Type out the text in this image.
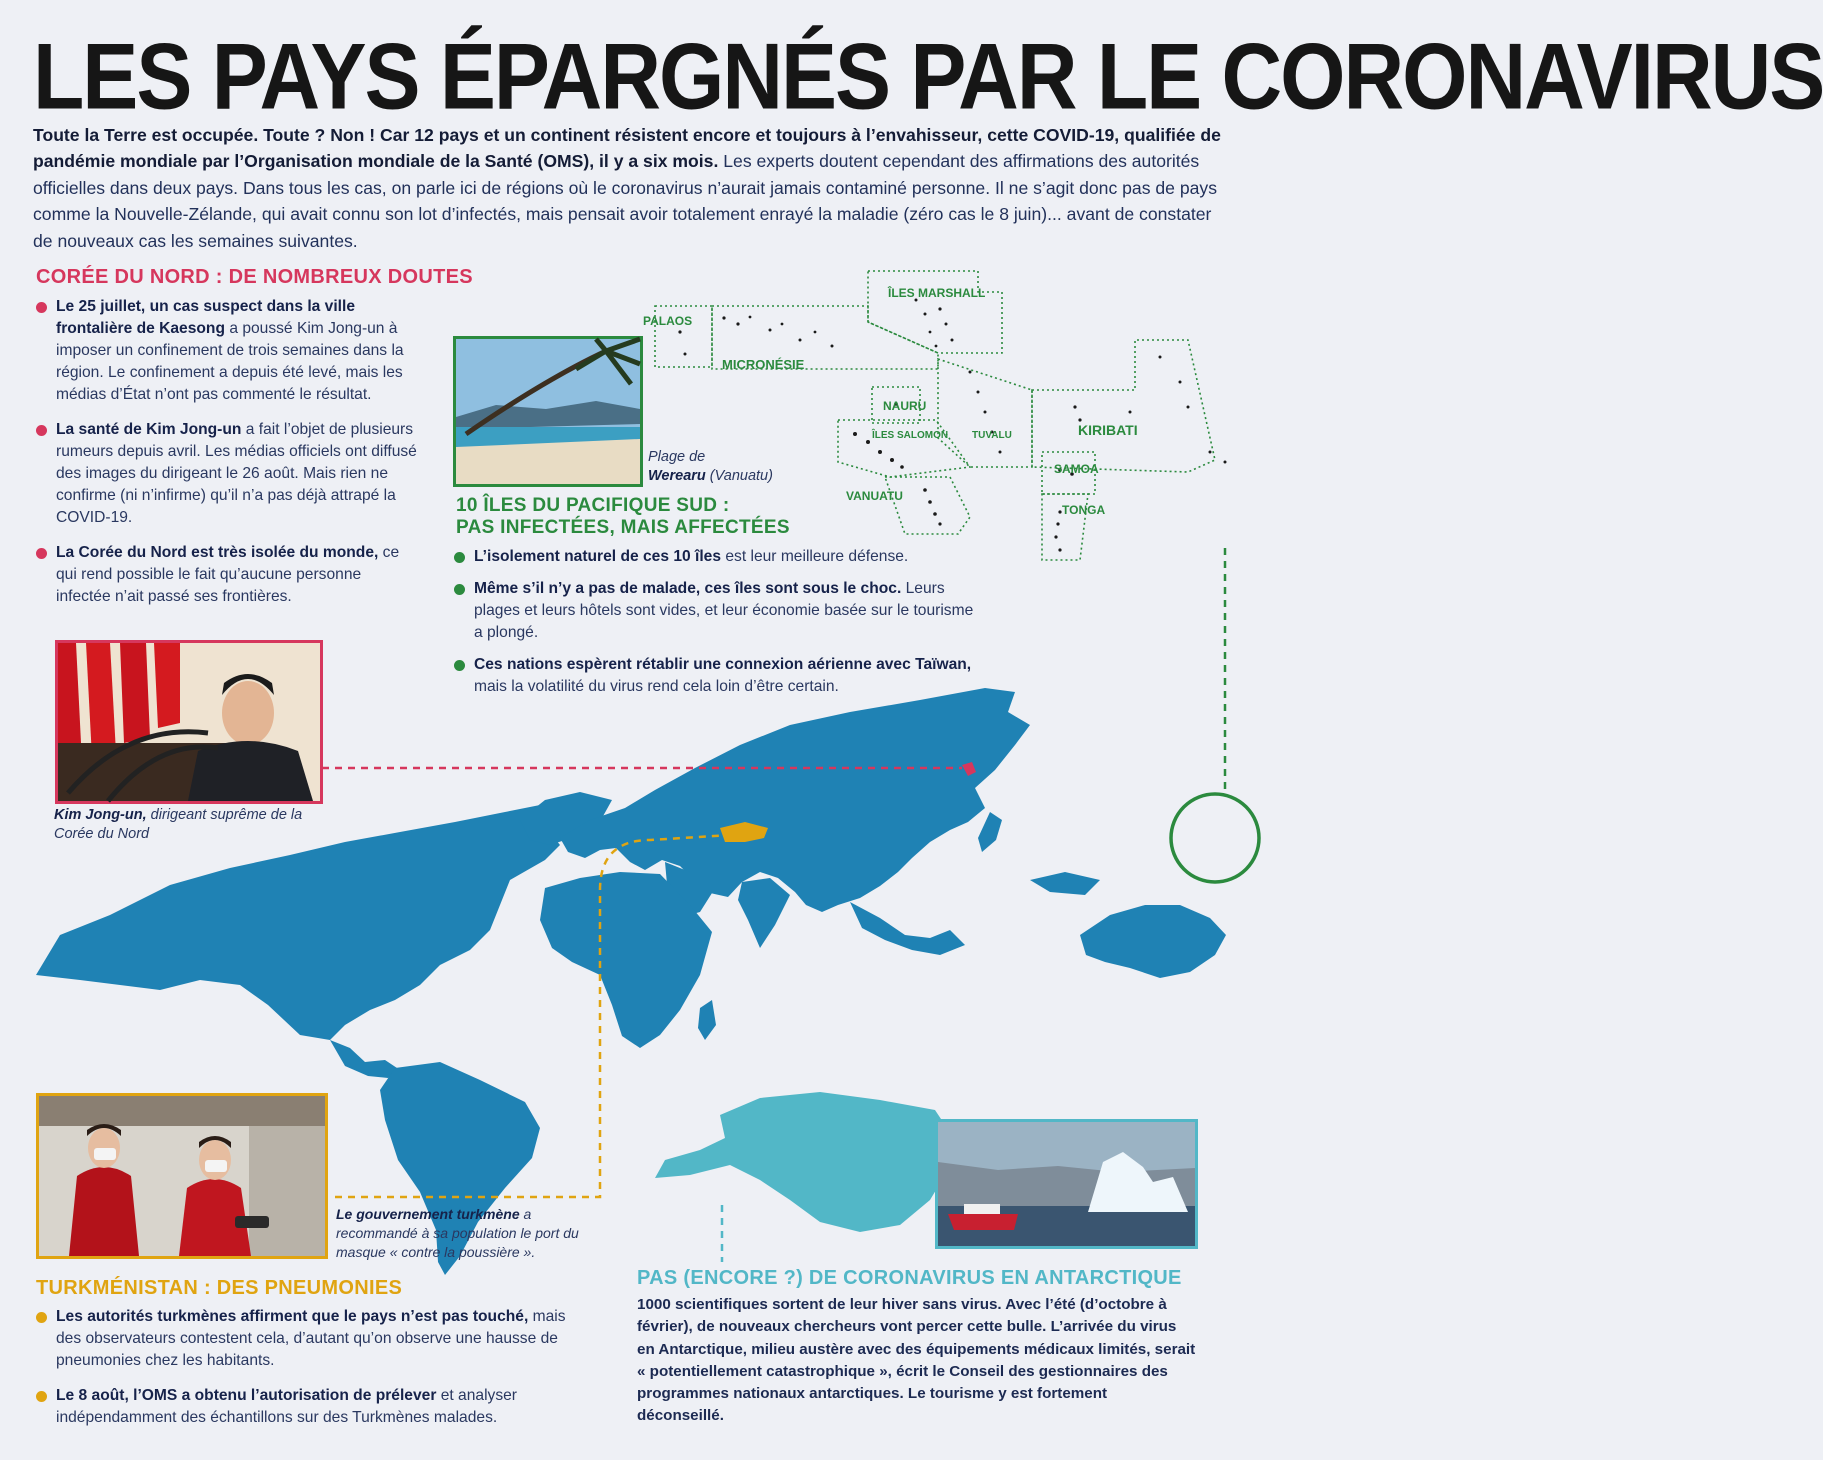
LES PAYS ÉPARGNÉS PAR LE CORONAVIRUS
Toute la Terre est occupée. Toute ? Non ! Car 12 pays et un continent résistent encore et toujours à l’envahisseur, cette COVID-19, qualifiée de pandémie mondiale par l’Organisation mondiale de la Santé (OMS), il y a six mois. Les experts doutent cependant des affirmations des autorités officielles dans deux pays. Dans tous les cas, on parle ici de régions où le coronavirus n’aurait jamais contaminé personne. Il ne s’agit donc pas de pays comme la Nouvelle-Zélande, qui avait connu son lot d’infectés, mais pensait avoir totalement enrayé la maladie (zéro cas le 8 juin)... avant de constater de nouveaux cas les semaines suivantes.
ÎLES MARSHALL
PALAOS
MICRONÉSIE
NAURU
ÎLES SALOMON TUVALU	KIRIBATI
SAMOA
VANUATU
TONGA
CORÉE DU NORD : DE NOMBREUX DOUTES
Le 25 juillet, un cas suspect dans la ville frontalière de Kaesong a poussé Kim Jong-un à imposer un confinement de trois semaines dans la région. Le confinement a depuis été levé, mais les médias d’État n’ont pas commenté le résultat.
La santé de Kim Jong-un a fait l’objet de plusieurs rumeurs depuis avril. Les médias officiels ont diffusé des images du dirigeant le 26 août. Mais rien ne confirme (ni n’infirme) qu’il n’a pas déjà attrapé la COVID-19.
La Corée du Nord est très isolée du monde, ce qui rend possible le fait qu’aucune personne infectée n’ait passé ses frontières.
Kim Jong-un, dirigeant suprême de la Corée du Nord
Plage de
Werearu (Vanuatu)
10 ÎLES DU PACIFIQUE SUD :
PAS INFECTÉES, MAIS AFFECTÉES
L’isolement naturel de ces 10 îles est leur meilleure défense.
Même s’il n’y a pas de malade, ces îles sont sous le choc. Leurs plages et leurs hôtels sont vides, et leur économie basée sur le tourisme a plongé.
Ces nations espèrent rétablir une connexion aérienne avec Taïwan, mais la volatilité du virus rend cela loin d’être certain.
Le gouvernement turkmène a recommandé à sa population le port du masque « contre la poussière ».
TURKMÉNISTAN : DES PNEUMONIES
Les autorités turkmènes affirment que le pays n’est pas touché, mais des observateurs contestent cela, d’autant qu’on observe une hausse de pneumonies chez les habitants.
Le 8 août, l’OMS a obtenu l’autorisation de prélever et analyser indépendamment des échantillons sur des Turkmènes malades.
PAS (ENCORE ?) DE CORONAVIRUS EN ANTARCTIQUE
1000 scientifiques sortent de leur hiver sans virus. Avec l’été (d’octobre à février), de nouveaux chercheurs vont percer cette bulle. L’arrivée du virus en Antarctique, milieu austère avec des équipements médicaux limités, serait « potentiellement catastrophique », écrit le Conseil des gestionnaires des programmes nationaux antarctiques. Le tourisme y est fortement déconseillé.
